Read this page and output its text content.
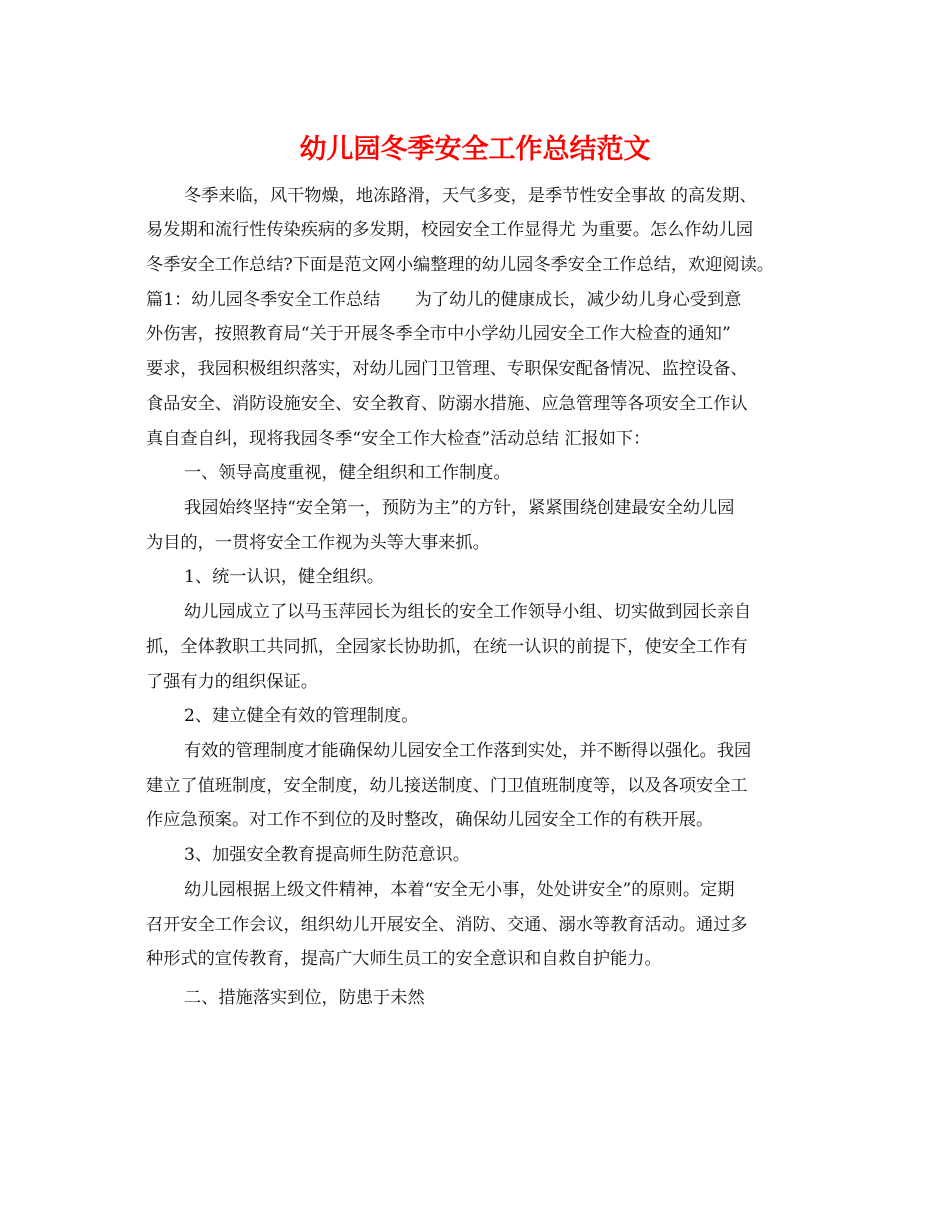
幼儿园冬季安全工作总结范文

冬季来临，风干物燥，地冻路滑，天气多变，是季节性安全事故 的高发期、

易发期和流行性传染疾病的多发期，校园安全工作显得尤 为重要。怎么作幼儿园

冬季安全工作总结?下面是范文网小编整理的幼儿园冬季安全工作总结，欢迎阅读。

篇1：幼儿园冬季安全工作总结　　为了幼儿的健康成长，减少幼儿身心受到意

外伤害，按照教育局“关于开展冬季全市中小学幼儿园安全工作大检查的通知”

要求，我园积极组织落实，对幼儿园门卫管理、专职保安配备情况、监控设备、

食品安全、消防设施安全、安全教育、防溺水措施、应急管理等各项安全工作认

真自查自纠，现将我园冬季“安全工作大检查”活动总结 汇报如下：

一、领导高度重视，健全组织和工作制度。

我园始终坚持“安全第一，预防为主”的方针，紧紧围绕创建最安全幼儿园

为目的，一贯将安全工作视为头等大事来抓。

1、统一认识，健全组织。

幼儿园成立了以马玉萍园长为组长的安全工作领导小组、切实做到园长亲自

抓，全体教职工共同抓，全园家长协助抓，在统一认识的前提下，使安全工作有

了强有力的组织保证。

2、建立健全有效的管理制度。

有效的管理制度才能确保幼儿园安全工作落到实处，并不断得以强化。我园

建立了值班制度，安全制度，幼儿接送制度、门卫值班制度等，以及各项安全工

作应急预案。对工作不到位的及时整改，确保幼儿园安全工作的有秩开展。

3、加强安全教育提高师生防范意识。

幼儿园根据上级文件精神，本着“安全无小事，处处讲安全”的原则。定期

召开安全工作会议，组织幼儿开展安全、消防、交通、溺水等教育活动。通过多

种形式的宣传教育，提高广大师生员工的安全意识和自救自护能力。

二、措施落实到位，防患于未然
